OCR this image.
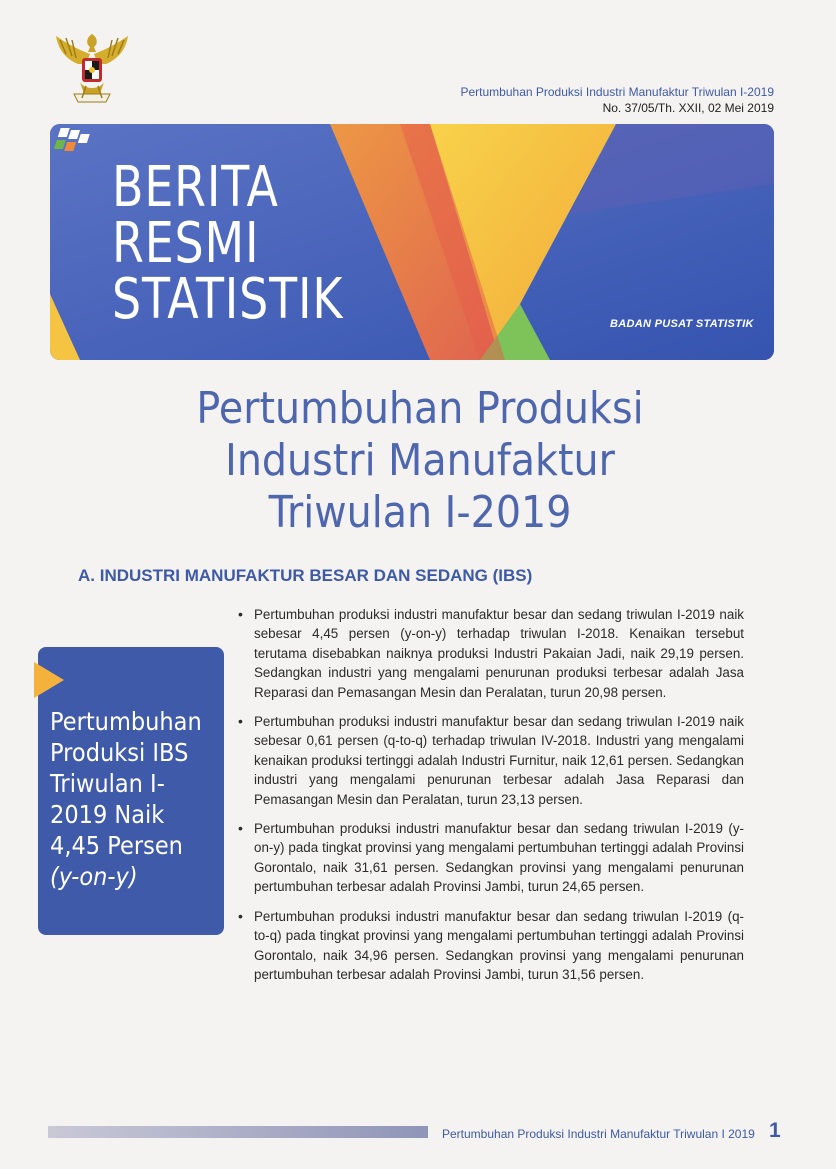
Pertumbuhan Produksi Industri Manufaktur Triwulan I-2019
No. 37/05/Th. XXII, 02 Mei 2019
BERITA
RESMI
STATISTIK	BADAN PUSAT STATISTIK
Pertumbuhan Produksi
Industri Manufaktur
Triwulan I-2019
A. INDUSTRI MANUFAKTUR BESAR DAN SEDANG (IBS)
Pertumbuhan
Produksi IBS
Triwulan I-
2019 Naik
4,45 Persen
(y-on-y)
• Pertumbuhan produksi industri manufaktur besar dan sedang triwulan I-2019 naik sebesar 4,45 persen (y-on-y) terhadap triwulan I-2018. Kenaikan tersebut terutama disebabkan naiknya produksi Industri Pakaian Jadi, naik 29,19 persen. Sedangkan industri yang mengalami penurunan produksi terbesar adalah Jasa Reparasi dan Pemasangan Mesin dan Peralatan, turun 20,98 persen.
• Pertumbuhan produksi industri manufaktur besar dan sedang triwulan I-2019 naik sebesar 0,61 persen (q-to-q) terhadap triwulan IV-2018. Industri yang mengalami kenaikan produksi tertinggi adalah Industri Furnitur, naik 12,61 persen. Sedangkan industri yang mengalami penurunan terbesar adalah Jasa Reparasi dan Pemasangan Mesin dan Peralatan, turun 23,13 persen.
• Pertumbuhan produksi industri manufaktur besar dan sedang triwulan I-2019 (y-on-y) pada tingkat provinsi yang mengalami pertumbuhan tertinggi adalah Provinsi Gorontalo, naik 31,61 persen. Sedangkan provinsi yang mengalami penurunan pertumbuhan terbesar adalah Provinsi Jambi, turun 24,65 persen.
• Pertumbuhan produksi industri manufaktur besar dan sedang triwulan I-2019 (q-to-q) pada tingkat provinsi yang mengalami pertumbuhan tertinggi adalah Provinsi Gorontalo, naik 34,96 persen. Sedangkan provinsi yang mengalami penurunan pertumbuhan terbesar adalah Provinsi Jambi, turun 31,56 persen.
Pertumbuhan Produksi Industri Manufaktur Triwulan I 2019 1
